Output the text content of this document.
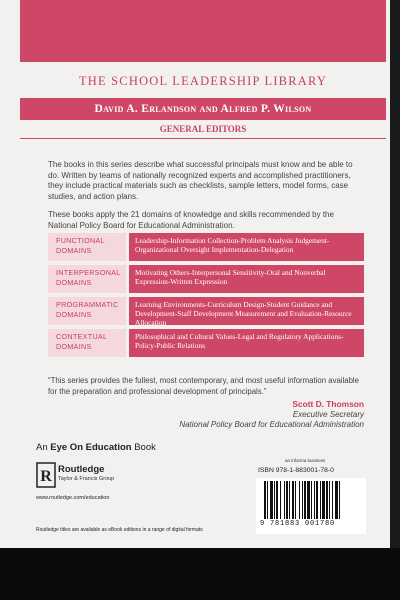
THE SCHOOL LEADERSHIP LIBRARY
David A. Erlandson and Alfred P. Wilson
GENERAL EDITORS
The books in this series describe what successful principals must know and be able to do. Written by teams of nationally recognized experts and accomplished practitioners, they include practical materials such as checklists, sample letters, model forms, case studies, and action plans.
These books apply the 21 domains of knowledge and skills recommended by the National Policy Board for Educational Administration.
FUNCTIONAL
DOMAINS
Leadership-Information Collection-Problem Analysis Judgement-Organizational Oversight Implementation-Delegation
INTERPERSONAL
DOMAINS
Motivating Others-Interpersonal Sensitivity-Oral and Nonverbal Expression-Written Expression
PROGRAMMATIC
DOMAINS
Learning Environments-Curriculum Design-Student Guidance and Development-Staff Development Measurement and Evaluation-Resource Allocation
CONTEXTUAL
DOMAINS
Philosophical and Cultural Values-Legal and Regulatory Applications-Policy-Public Relations
“This series provides the fullest, most contemporary, and most useful information available for the preparation and professional development of principals.”
Scott D. Thomson
Executive Secretary
National Policy Board for Educational Administration
An Eye On Education Book
R Routledge
Taylor & Francis Group
www.routledge.com/education
Routledge titles are available as eBook editions in a range of digital formats
an informa business
ISBN 978-1-883001-78-0
9 781883 001780
